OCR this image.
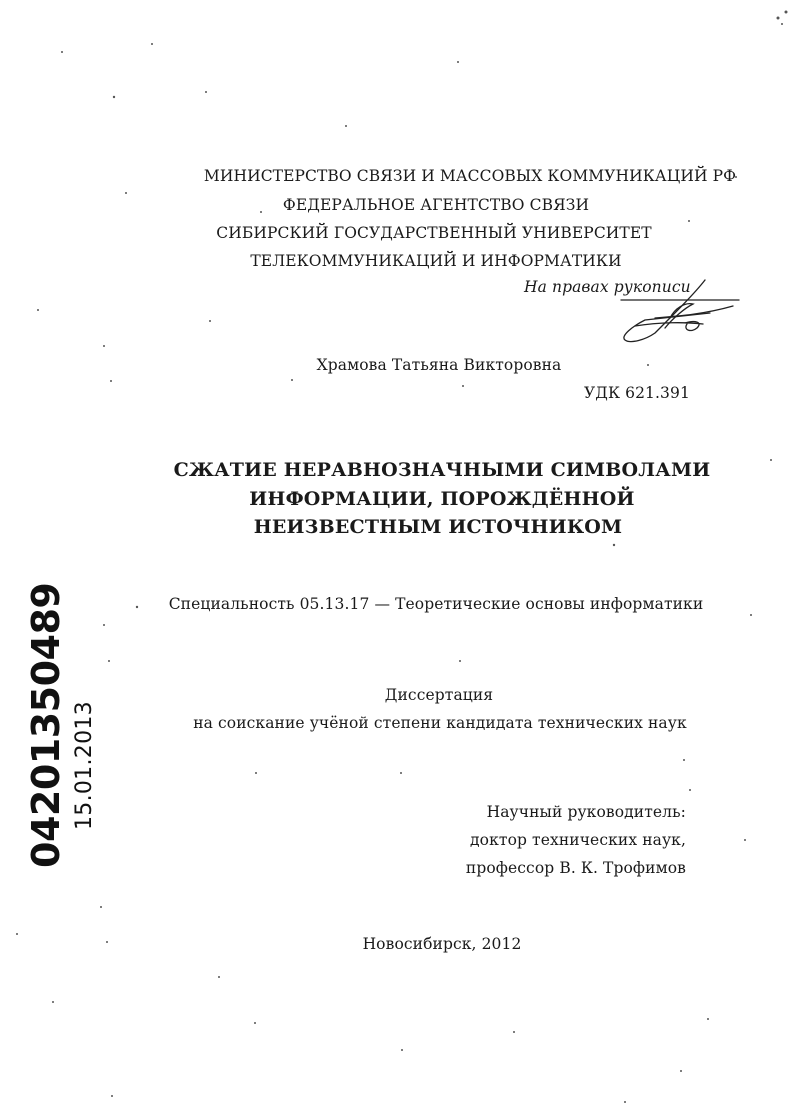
МИНИСТЕРСТВО СВЯЗИ И МАССОВЫХ КОММУНИКАЦИЙ РФ
ФЕДЕРАЛЬНОЕ АГЕНТСТВО СВЯЗИ
СИБИРСКИЙ ГОСУДАРСТВЕННЫЙ УНИВЕРСИТЕТ
ТЕЛЕКОММУНИКАЦИЙ И ИНФОРМАТИКИ
На правах рукописи
Храмова Татьяна Викторовна
УДК 621.391
СЖАТИЕ НЕРАВНОЗНАЧНЫМИ СИМВОЛАМИ
ИНФОРМАЦИИ, ПОРОЖДЁННОЙ
НЕИЗВЕСТНЫМ ИСТОЧНИКОМ
Специальность 05.13.17 — Теоретические основы информатики
Диссертация
на соискание учёной степени кандидата технических наук
Научный руководитель:
доктор технических наук,
профессор В. К. Трофимов
Новосибирск, 2012
04201350489 15.01.2013
